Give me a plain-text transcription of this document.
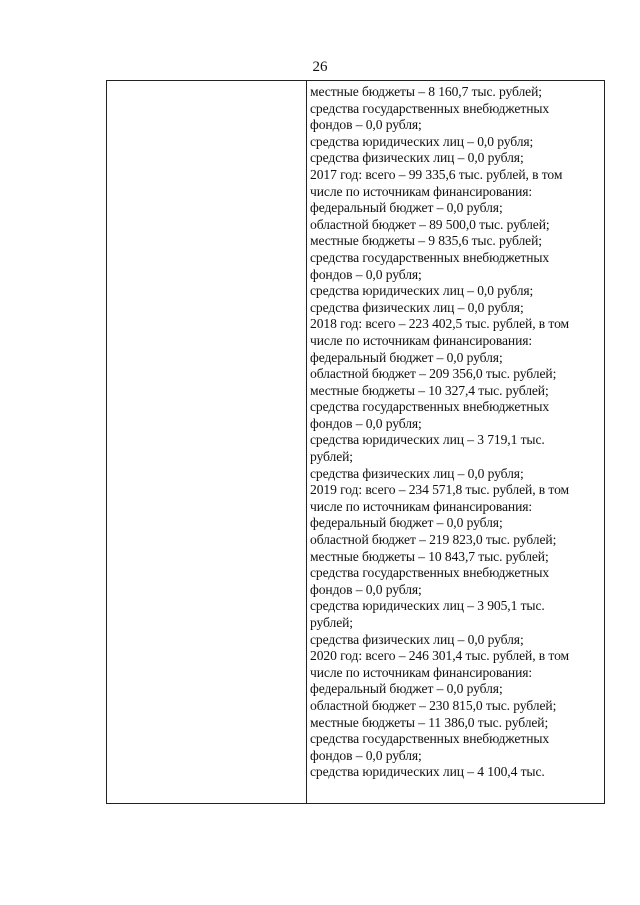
26
местные бюджеты – 8 160,7 тыс. рублей;
средства государственных внебюджетных
фондов – 0,0 рубля;
средства юридических лиц – 0,0 рубля;
средства физических лиц – 0,0 рубля;
2017 год: всего – 99 335,6 тыс. рублей, в том
числе по источникам финансирования:
федеральный бюджет – 0,0 рубля;
областной бюджет – 89 500,0 тыс. рублей;
местные бюджеты – 9 835,6 тыс. рублей;
средства государственных внебюджетных
фондов – 0,0 рубля;
средства юридических лиц – 0,0 рубля;
средства физических лиц – 0,0 рубля;
2018 год: всего – 223 402,5 тыс. рублей, в том
числе по источникам финансирования:
федеральный бюджет – 0,0 рубля;
областной бюджет – 209 356,0 тыс. рублей;
местные бюджеты – 10 327,4 тыс. рублей;
средства государственных внебюджетных
фондов – 0,0 рубля;
средства юридических лиц – 3 719,1 тыс.
рублей;
средства физических лиц – 0,0 рубля;
2019 год: всего – 234 571,8 тыс. рублей, в том
числе по источникам финансирования:
федеральный бюджет – 0,0 рубля;
областной бюджет – 219 823,0 тыс. рублей;
местные бюджеты – 10 843,7 тыс. рублей;
средства государственных внебюджетных
фондов – 0,0 рубля;
средства юридических лиц – 3 905,1 тыс.
рублей;
средства физических лиц – 0,0 рубля;
2020 год: всего – 246 301,4 тыс. рублей, в том
числе по источникам финансирования:
федеральный бюджет – 0,0 рубля;
областной бюджет – 230 815,0 тыс. рублей;
местные бюджеты – 11 386,0 тыс. рублей;
средства государственных внебюджетных
фондов – 0,0 рубля;
средства юридических лиц – 4 100,4 тыс.
